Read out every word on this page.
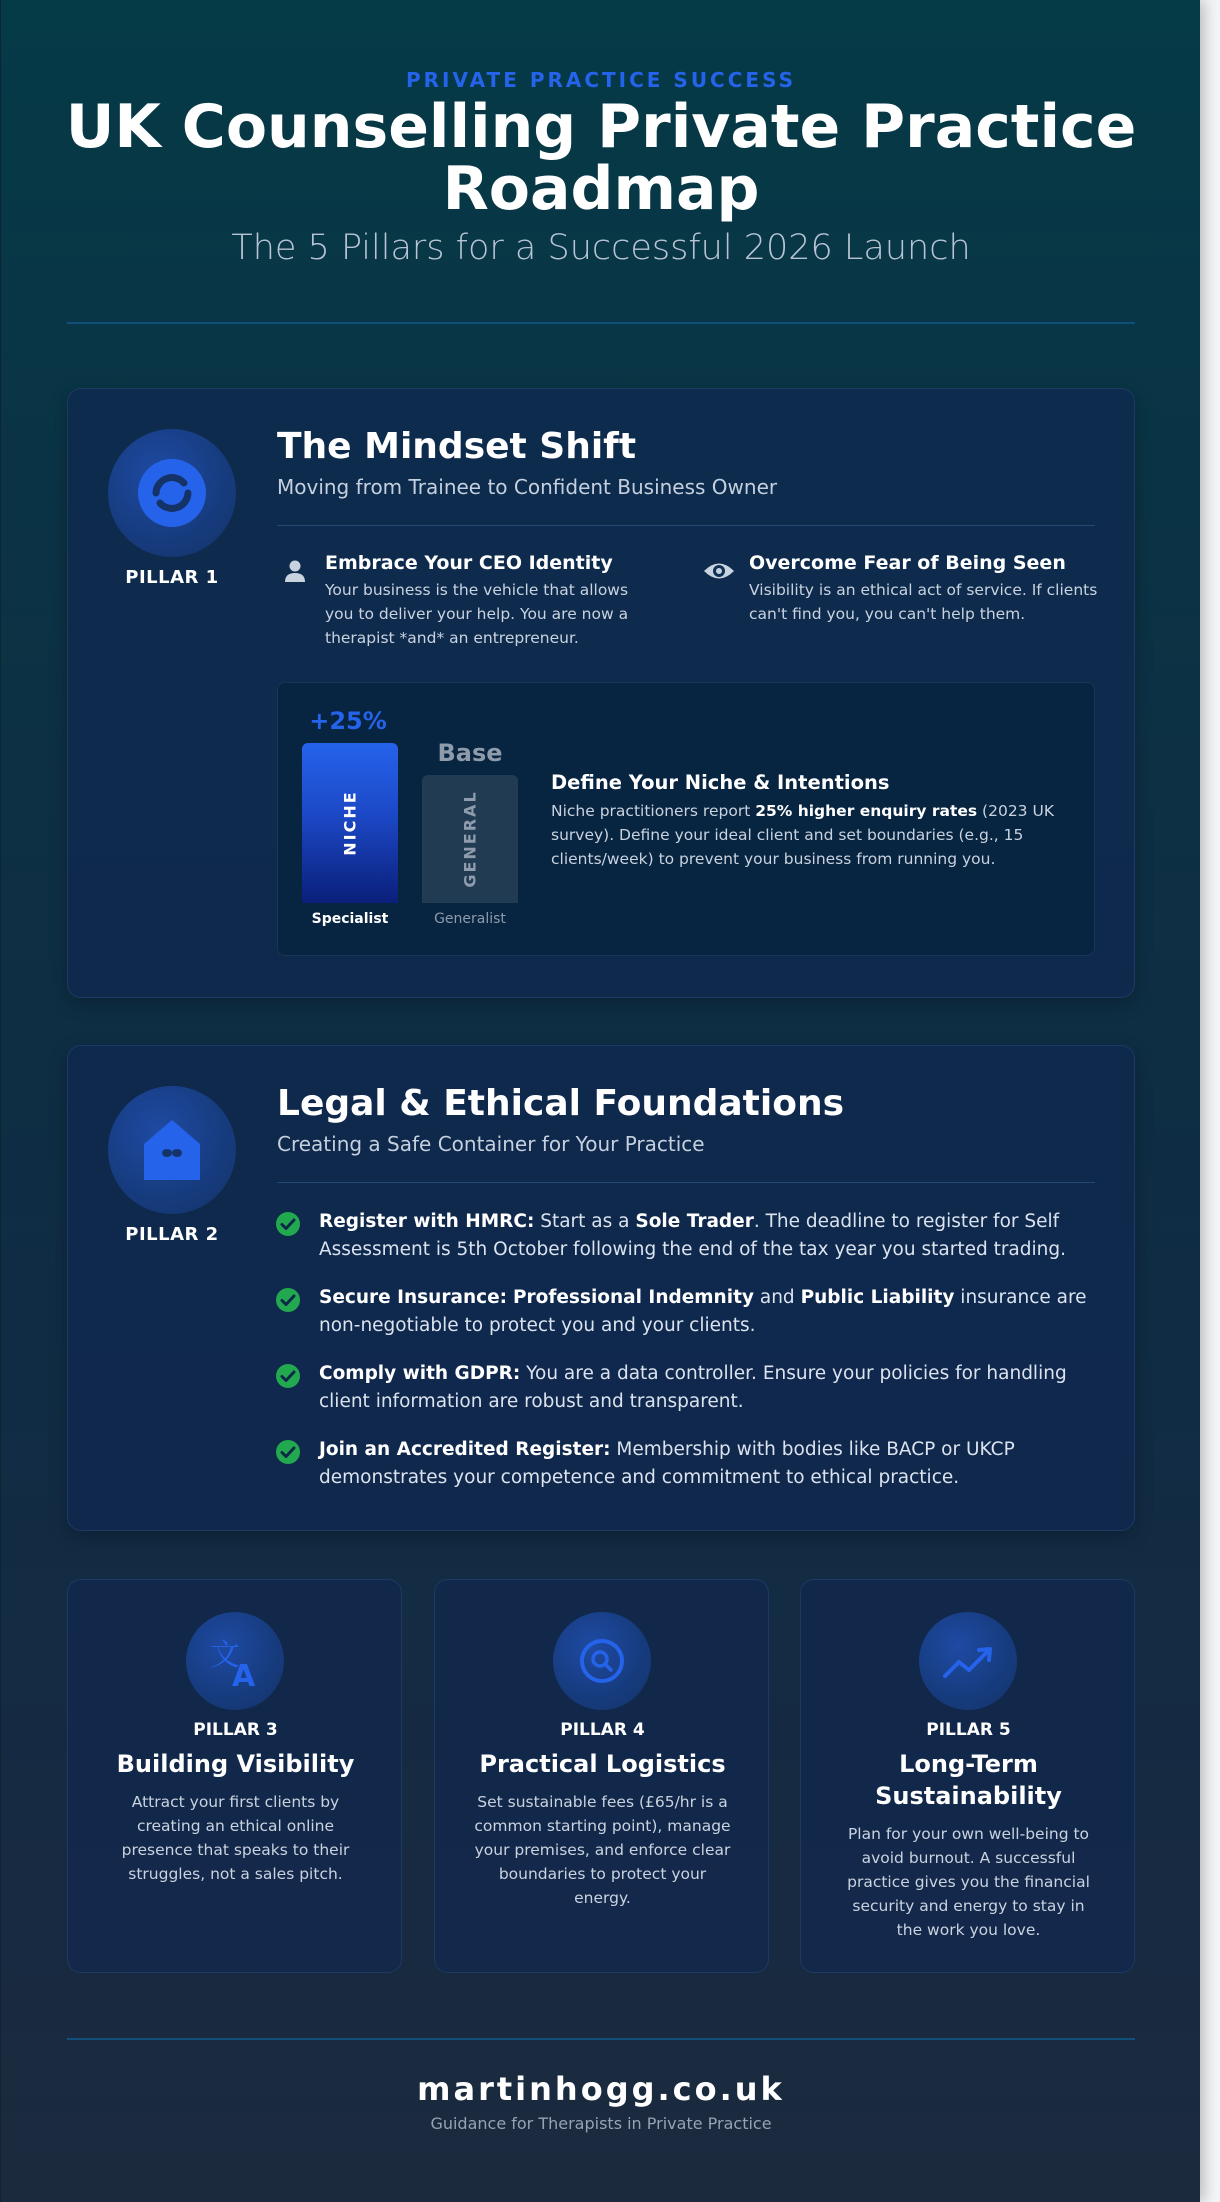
PRIVATE PRACTICE SUCCESS
UK Counselling Private Practice Roadmap
The 5 Pillars for a Successful 2026 Launch
PILLAR 1
The Mindset Shift
Moving from Trainee to Confident Business Owner
Embrace Your CEO Identity
Your business is the vehicle that allows you to deliver your help. You are now a therapist *and* an entrepreneur.
Overcome Fear of Being Seen
Visibility is an ethical act of service. If clients can't find you, you can't help them.
+25%
NICHE
Specialist
Base
GENERAL
Generalist
Define Your Niche & Intentions
Niche practitioners report 25% higher enquiry rates (2023 UK survey). Define your ideal client and set boundaries (e.g., 15 clients/week) to prevent your business from running you.
PILLAR 2
Legal & Ethical Foundations
Creating a Safe Container for Your Practice
Register with HMRC: Start as a Sole Trader. The deadline to register for Self Assessment is 5th October following the end of the tax year you started trading.
Secure Insurance: Professional Indemnity and Public Liability insurance are non-negotiable to protect you and your clients.
Comply with GDPR: You are a data controller. Ensure your policies for handling client information are robust and transparent.
Join an Accredited Register: Membership with bodies like BACP or UKCP demonstrates your competence and commitment to ethical practice.
文
A
PILLAR 3
Building Visibility
Attract your first clients by creating an ethical online presence that speaks to their struggles, not a sales pitch.
PILLAR 4
Practical Logistics
Set sustainable fees (£65/hr is a common starting point), manage your premises, and enforce clear boundaries to protect your energy.
PILLAR 5
Long-Term Sustainability
Plan for your own well-being to avoid burnout. A successful practice gives you the financial security and energy to stay in the work you love.
martinhogg.co.uk
Guidance for Therapists in Private Practice
